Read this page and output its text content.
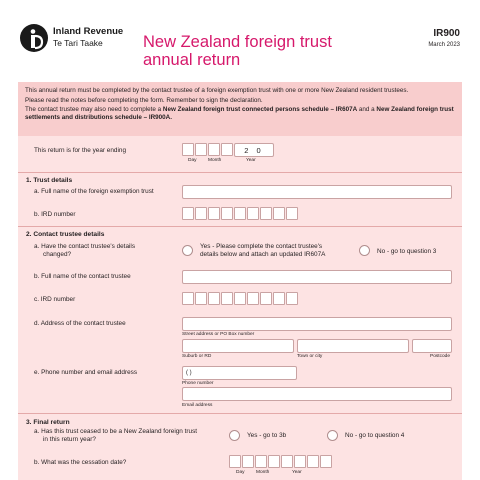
Inland Revenue
Te Tari Taake New Zealand foreign trust
annual return
IR900
March 2023

This annual return must be completed by the contact trustee of a foreign exemption trust with one or more New Zealand resident trustees.

Please read the notes before completing the form. Remember to sign the declaration.

The contact trustee may also need to complete a New Zealand foreign trust connected persons schedule – IR607A and a New Zealand foreign trust settlements and distributions schedule – IR900A.

This return is for the year ending	2 0
Day Month	Year
1. Trust details
a. Full name of the foreign exemption trust
b. IRD number
2. Contact trustee details
a. Have the contact trustee's details
changed?
Yes - Please complete the contact trustee's
details below and attach an updated IR607A	No - go to question 3
b. Full name of the contact trustee
c. IRD number
d. Address of the contact trustee
Street address or PO Box number
Suburb or RD	Town or city	Postcode
e. Phone number and email address	( )
Phone number
Email address
3. Final return
a. Has this trust ceased to be a New Zealand foreign trust
in this return year?
Yes - go to 3b	No - go to question 4
b. What was the cessation date?
Day Month	Year
